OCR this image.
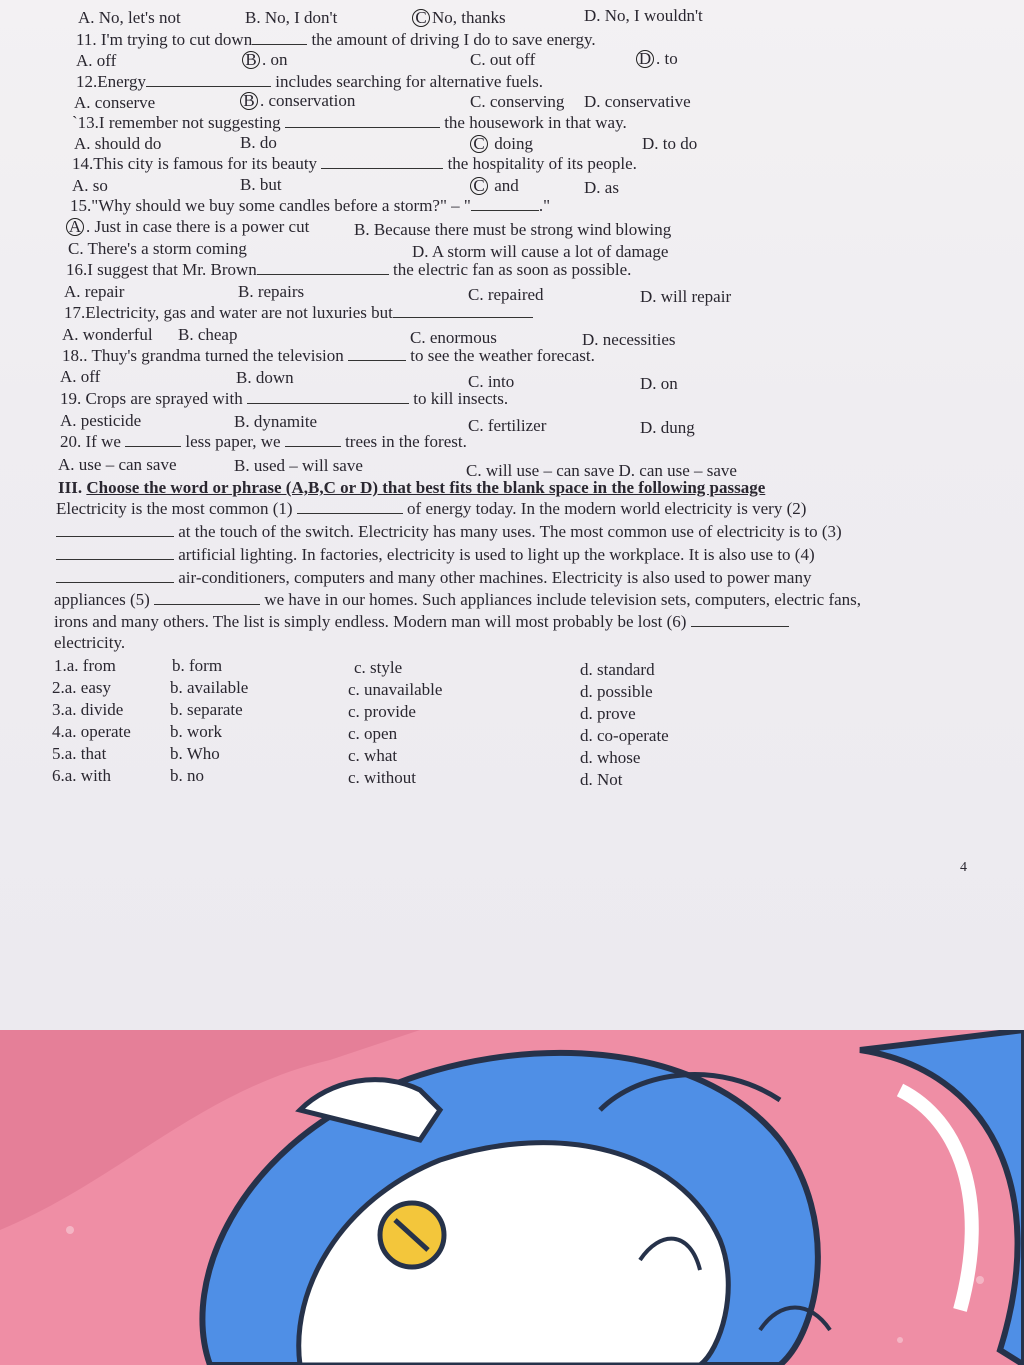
A. No, let's not	B. No, I don't	C No, thanks	D. No, I wouldn't
11. I'm trying to cut down	the amount of driving I do to save energy.
A. off	B . on	C. out off	D . to
12.Energy	includes searching for alternative fuels.
A. conserve	B . conservation	C. conserving D. conservative
`13.I remember not suggesting	the housework in that way.
A. should do	B. do	C doing	D. to do
14.This city is famous for its beauty	the hospitality of its people.
A. so	B. but	C and	D. as
15."Why should we buy some candles before a storm?" – "	."
A . Just in case there is a power cut	B. Because there must be strong wind blowing
C. There's a storm coming	D. A storm will cause a lot of damage
16.I suggest that Mr. Brown	the electric fan as soon as possible.
A. repair	B. repairs	C. repaired	D. will repair
17.Electricity, gas and water are not luxuries but
A. wonderful B. cheap	C. enormous	D. necessities
18.. Thuy's grandma turned the television	to see the weather forecast.
A. off	B. down	C. into	D. on
19. Crops are sprayed with	to kill insects.
A. pesticide	B. dynamite	C. fertilizer	D. dung
20. If we	less paper, we	trees in the forest.
A. use – can save	B. used – will save	C. will use – can save D. can use – save
III. Choose the word or phrase (A,B,C or D) that best fits the blank space in the following passage
Electricity is the most common (1)	of energy today. In the modern world electricity is very (2)
at the touch of the switch. Electricity has many uses. The most common use of electricity is to (3)
artificial lighting. In factories, electricity is used to light up the workplace. It is also use to (4)
air-conditioners, computers and many other machines. Electricity is also used to power many
appliances (5)	we have in our homes. Such appliances include television sets, computers, electric fans,
irons and many others. The list is simply endless. Modern man will most probably be lost (6)
electricity.
1.a. from	b. form	c. style	d. standard
2.a. easy	b. available	c. unavailable	d. possible
3.a. divide	b. separate	c. provide	d. prove
4.a. operate b. work	c. open	d. co-operate
5.a. that	b. Who	c. what	d. whose
6.a. with	b. no	c. without	d. Not
4
